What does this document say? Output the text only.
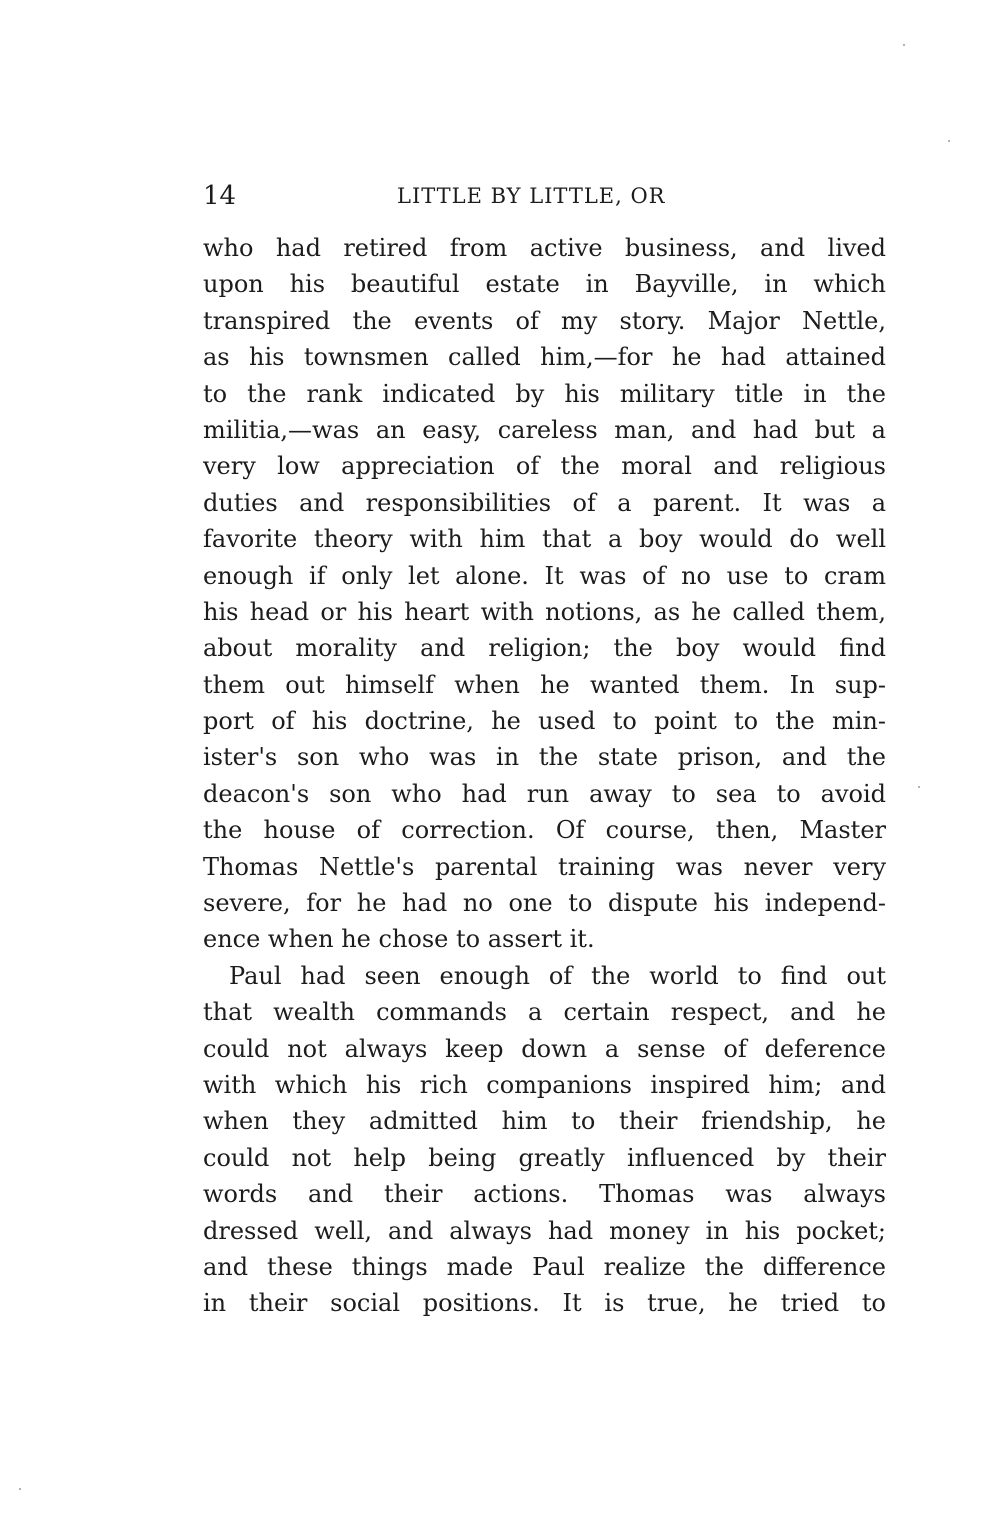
14	LITTLE BY LITTLE, OR
who had retired from active business, and lived
upon his beautiful estate in Bayville, in which
transpired the events of my story. Major Nettle,
as his townsmen called him,—for he had attained
to the rank indicated by his military title in the
militia,—was an easy, careless man, and had but a
very low appreciation of the moral and religious
duties and responsibilities of a parent. It was a
favorite theory with him that a boy would do well
enough if only let alone. It was of no use to cram
his head or his heart with notions, as he called them,
about morality and religion; the boy would find
them out himself when he wanted them. In sup-
port of his doctrine, he used to point to the min-
ister's son who was in the state prison, and the
deacon's son who had run away to sea to avoid
the house of correction. Of course, then, Master
Thomas Nettle's parental training was never very
severe, for he had no one to dispute his independ-
ence when he chose to assert it.
Paul had seen enough of the world to find out
that wealth commands a certain respect, and he
could not always keep down a sense of deference
with which his rich companions inspired him; and
when they admitted him to their friendship, he
could not help being greatly influenced by their
words and their actions. Thomas was always
dressed well, and always had money in his pocket;
and these things made Paul realize the difference
in their social positions. It is true, he tried to
